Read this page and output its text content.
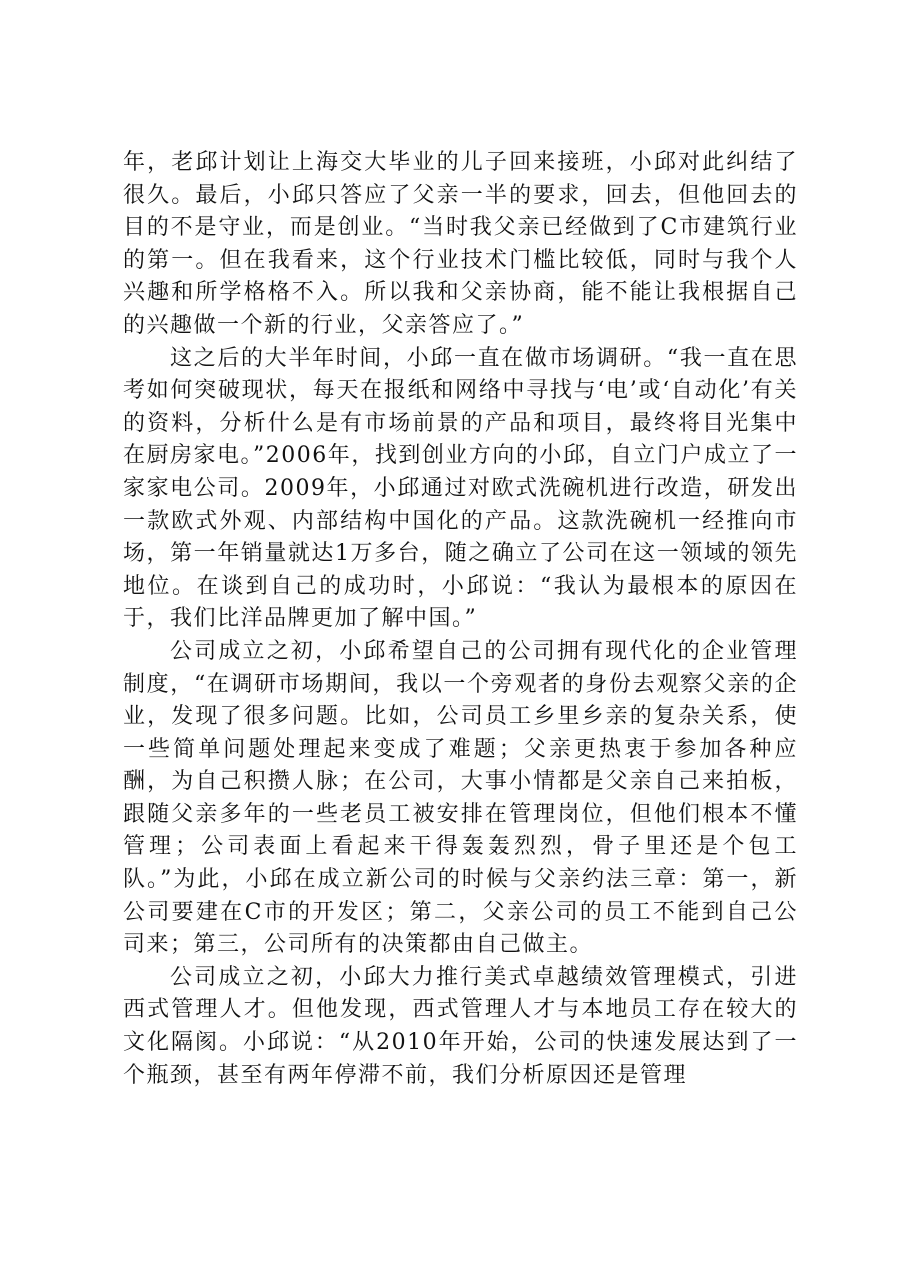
年，老邱计划让上海交大毕业的儿子回来接班，小邱对此纠结了很久。最后，小邱只答应了父亲一半的要求，回去，但他回去的目的不是守业，而是创业。“当时我父亲已经做到了C市建筑行业的第一。但在我看来，这个行业技术门槛比较低，同时与我个人兴趣和所学格格不入。所以我和父亲协商，能不能让我根据自己的兴趣做一个新的行业，父亲答应了。”

这之后的大半年时间，小邱一直在做市场调研。“我一直在思考如何突破现状，每天在报纸和网络中寻找与‘电’或‘自动化’有关的资料，分析什么是有市场前景的产品和项目，最终将目光集中在厨房家电。”2006年，找到创业方向的小邱，自立门户成立了一家家电公司。2009年，小邱通过对欧式洗碗机进行改造，研发出一款欧式外观、内部结构中国化的产品。这款洗碗机一经推向市场，第一年销量就达1万多台，随之确立了公司在这一领域的领先地位。在谈到自己的成功时，小邱说：“我认为最根本的原因在于，我们比洋品牌更加了解中国。”

公司成立之初，小邱希望自己的公司拥有现代化的企业管理制度，“在调研市场期间，我以一个旁观者的身份去观察父亲的企业，发现了很多问题。比如，公司员工乡里乡亲的复杂关系，使一些简单问题处理起来变成了难题；父亲更热衷于参加各种应酬，为自己积攒人脉；在公司，大事小情都是父亲自己来拍板，跟随父亲多年的一些老员工被安排在管理岗位，但他们根本不懂管理；公司表面上看起来干得轰轰烈烈，骨子里还是个包工队。”为此，小邱在成立新公司的时候与父亲约法三章：第一，新公司要建在C市的开发区；第二，父亲公司的员工不能到自己公司来；第三，公司所有的决策都由自己做主。

公司成立之初，小邱大力推行美式卓越绩效管理模式，引进西式管理人才。但他发现，西式管理人才与本地员工存在较大的文化隔阂。小邱说：“从2010年开始，公司的快速发展达到了一个瓶颈，甚至有两年停滞不前，我们分析原因还是管理
